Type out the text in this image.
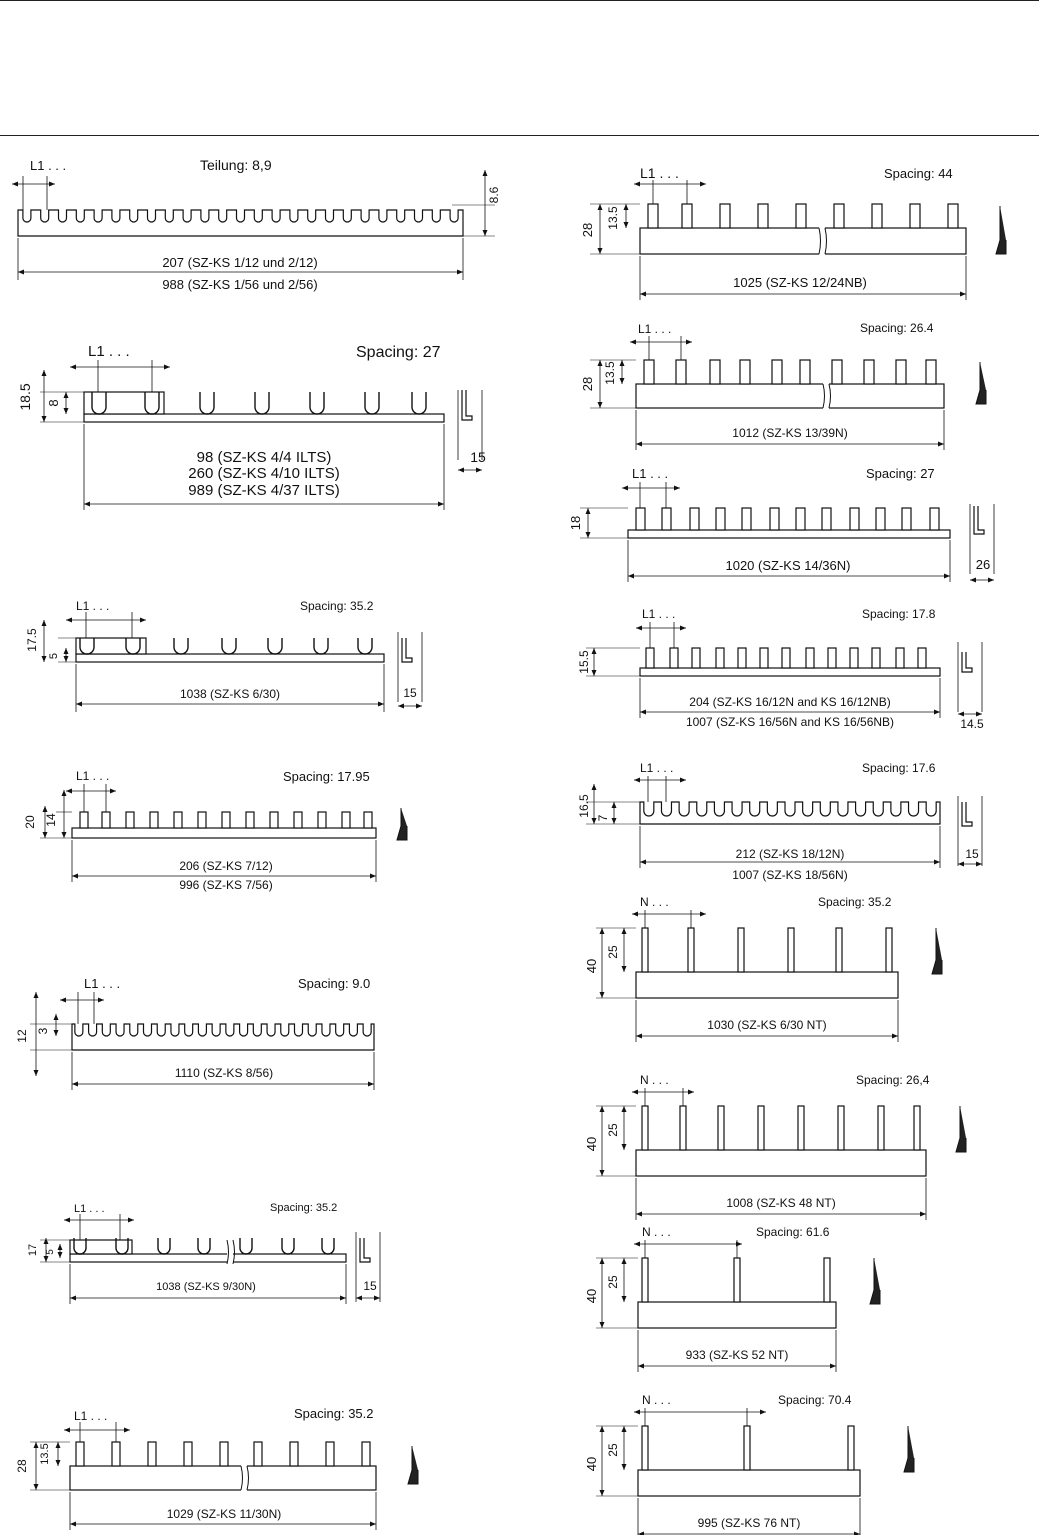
L1 . . .	Teilung: 8,9
8.6
207 (SZ-KS 1/12 und 2/12)
988 (SZ-KS 1/56 und 2/56)
L1 . . .	Spacing: 27
18.5 8
98 (SZ-KS 4/4 ILTS)
260 (SZ-KS 4/10 ILTS)
989 (SZ-KS 4/37 ILTS)
15
L1 . . .	Spacing: 35.2
17.5
5
1038 (SZ-KS 6/30)	15
L1 . . .	Spacing: 17.95
20 14
206 (SZ-KS 7/12)
996 (SZ-KS 7/56)
L1 . . .	Spacing: 9.0
12 3
1110 (SZ-KS 8/56)
L1 . . .	Spacing: 35.2
17 5
1038 (SZ-KS 9/30N)	15
L1 . . .	Spacing: 35.2
28
13.5
1029 (SZ-KS 11/30N)
L1 . . .	Spacing: 44
28
13.5
1025 (SZ-KS 12/24NB)
L1 . . .	Spacing: 26.4
28 13.5
1012 (SZ-KS 13/39N)
L1 . . .	Spacing: 27
18
1020 (SZ-KS 14/36N)	26
L1 . . .	Spacing: 17.8
15.5
204 (SZ-KS 16/12N and KS 16/12NB)
1007 (SZ-KS 16/56N and KS 16/56NB)	14.5
L1 . . .	Spacing: 17.6
16.5
7
212 (SZ-KS 18/12N)
1007 (SZ-KS 18/56N)
15
N . . .	Spacing: 35.2
40
25
1030 (SZ-KS 6/30 NT)
N . . .	Spacing: 26,4
40
25
1008 (SZ-KS 48 NT)
N . . .	Spacing: 61.6
40
25
933 (SZ-KS 52 NT)
N . . .	Spacing: 70.4
40
25
995 (SZ-KS 76 NT)
